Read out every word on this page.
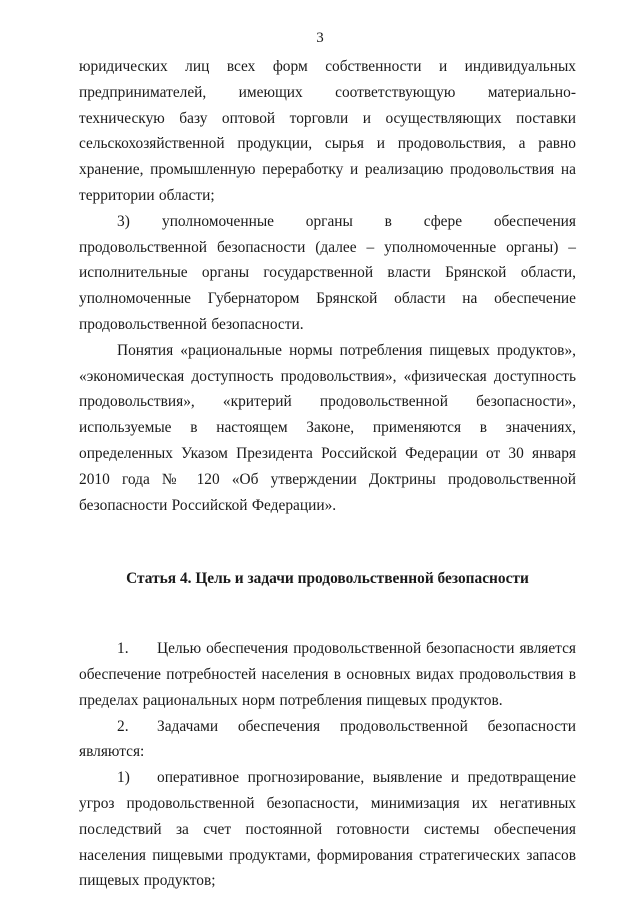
3

юридических лиц всех форм собственности и индивидуальных предпринимателей, имеющих соответствующую материально-техническую базу оптовой торговли и осуществляющих поставки сельскохозяйственной продукции, сырья и продовольствия, а равно хранение, промышленную переработку и реализацию продовольствия на территории области;

3) уполномоченные органы в сфере обеспечения продовольственной безопасности (далее – уполномоченные органы) – исполнительные органы государственной власти Брянской области, уполномоченные Губернатором Брянской области на обеспечение продовольственной безопасности.

Понятия «рациональные нормы потребления пищевых продуктов», «экономическая доступность продовольствия», «физическая доступность продовольствия», «критерий продовольственной безопасности», используемые в настоящем Законе, применяются в значениях, определенных Указом Президента Российской Федерации от 30 января 2010 года № 120 «Об утверждении Доктрины продовольственной безопасности Российской Федерации».

Статья 4. Цель и задачи продовольственной безопасности

1. Целью обеспечения продовольственной безопасности является обеспечение потребностей населения в основных видах продовольствия в пределах рациональных норм потребления пищевых продуктов.

2. Задачами обеспечения продовольственной безопасности являются:

1) оперативное прогнозирование, выявление и предотвращение угроз продовольственной безопасности, минимизация их негативных последствий за счет постоянной готовности системы обеспечения населения пищевыми продуктами, формирования стратегических запасов пищевых продуктов;
